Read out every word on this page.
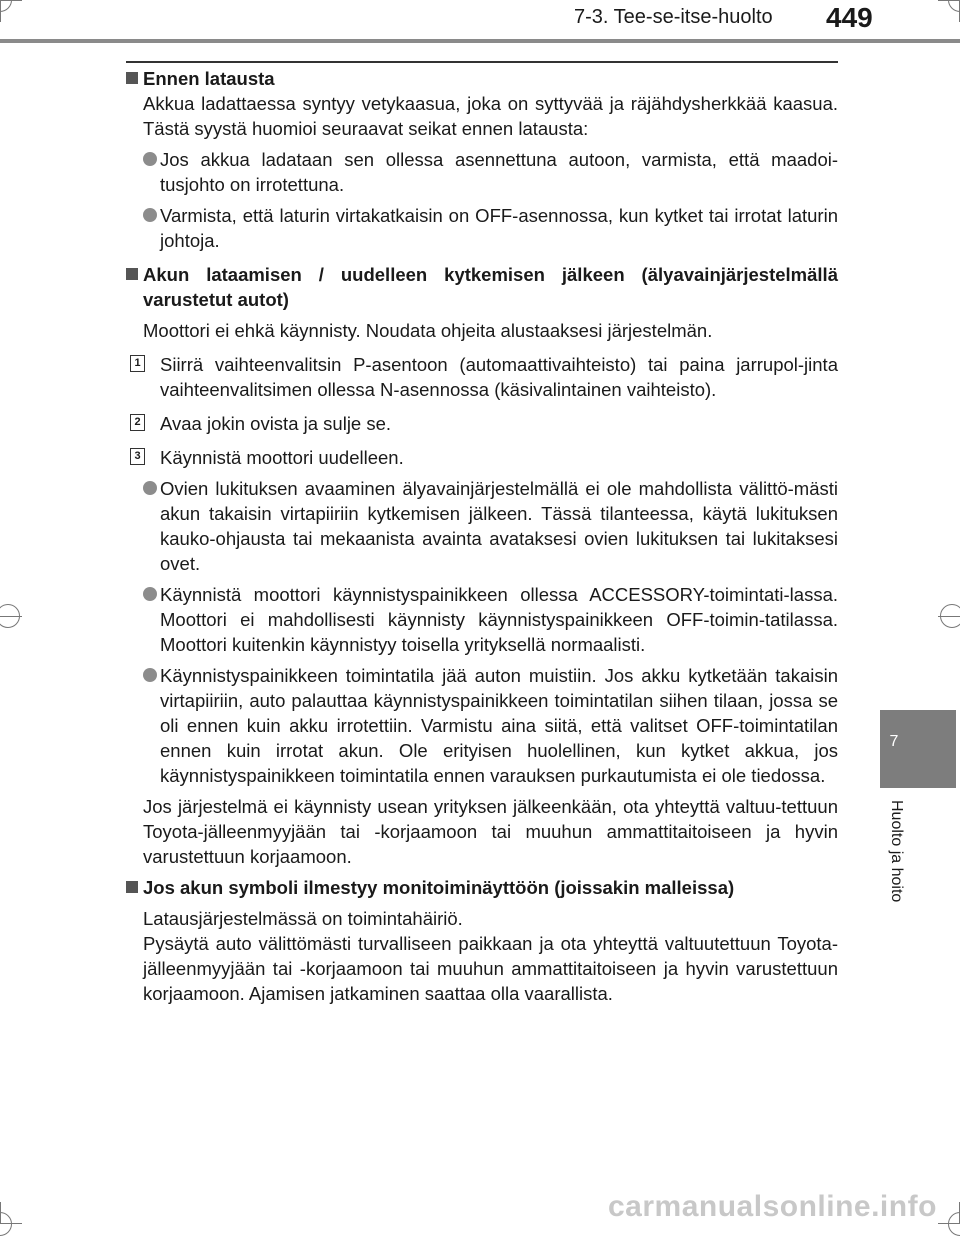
7-3. Tee-se-itse-huolto 449
7
Huolto ja hoito

Ennen latausta

Akkua ladattaessa syntyy vetykaasua, joka on syttyvää ja räjähdysherkkää kaasua. Tästä syystä huomioi seuraavat seikat ennen latausta:

Jos akkua ladataan sen ollessa asennettuna autoon, varmista, että maadoi-tusjohto on irrotettuna.

Varmista, että laturin virtakatkaisin on OFF-asennossa, kun kytket tai irrotat laturin johtoja.

Akun lataamisen / uudelleen kytkemisen jälkeen (älyavainjärjestelmällä varustetut autot)

Moottori ei ehkä käynnisty. Noudata ohjeita alustaaksesi järjestelmän.

1 Siirrä vaihteenvalitsin P-asentoon (automaattivaihteisto) tai paina jarrupol-jinta vaihteenvalitsimen ollessa N-asennossa (käsivalintainen vaihteisto).

2 Avaa jokin ovista ja sulje se.

3 Käynnistä moottori uudelleen.

Ovien lukituksen avaaminen älyavainjärjestelmällä ei ole mahdollista välittö-mästi akun takaisin virtapiiriin kytkemisen jälkeen. Tässä tilanteessa, käytä lukituksen kauko-ohjausta tai mekaanista avainta avataksesi ovien lukituksen tai lukitaksesi ovet.

Käynnistä moottori käynnistyspainikkeen ollessa ACCESSORY-toimintati-lassa. Moottori ei mahdollisesti käynnisty käynnistyspainikkeen OFF-toimin-tatilassa. Moottori kuitenkin käynnistyy toisella yrityksellä normaalisti.

Käynnistyspainikkeen toimintatila jää auton muistiin. Jos akku kytketään takaisin virtapiiriin, auto palauttaa käynnistyspainikkeen toimintatilan siihen tilaan, jossa se oli ennen kuin akku irrotettiin. Varmistu aina siitä, että valitset OFF-toimintatilan ennen kuin irrotat akun. Ole erityisen huolellinen, kun kytket akkua, jos käynnistyspainikkeen toimintatila ennen varauksen purkautumista ei ole tiedossa.

Jos järjestelmä ei käynnisty usean yrityksen jälkeenkään, ota yhteyttä valtuu-tettuun Toyota-jälleenmyyjään tai -korjaamoon tai muuhun ammattitaitoiseen ja hyvin varustettuun korjaamoon.

Jos akun symboli ilmestyy monitoiminäyttöön (joissakin malleissa)

Latausjärjestelmässä on toimintahäiriö.

Pysäytä auto välittömästi turvalliseen paikkaan ja ota yhteyttä valtuutettuun Toyota-jälleenmyyjään tai -korjaamoon tai muuhun ammattitaitoiseen ja hyvin varustettuun korjaamoon. Ajamisen jatkaminen saattaa olla vaarallista.

carmanualsonline.info
